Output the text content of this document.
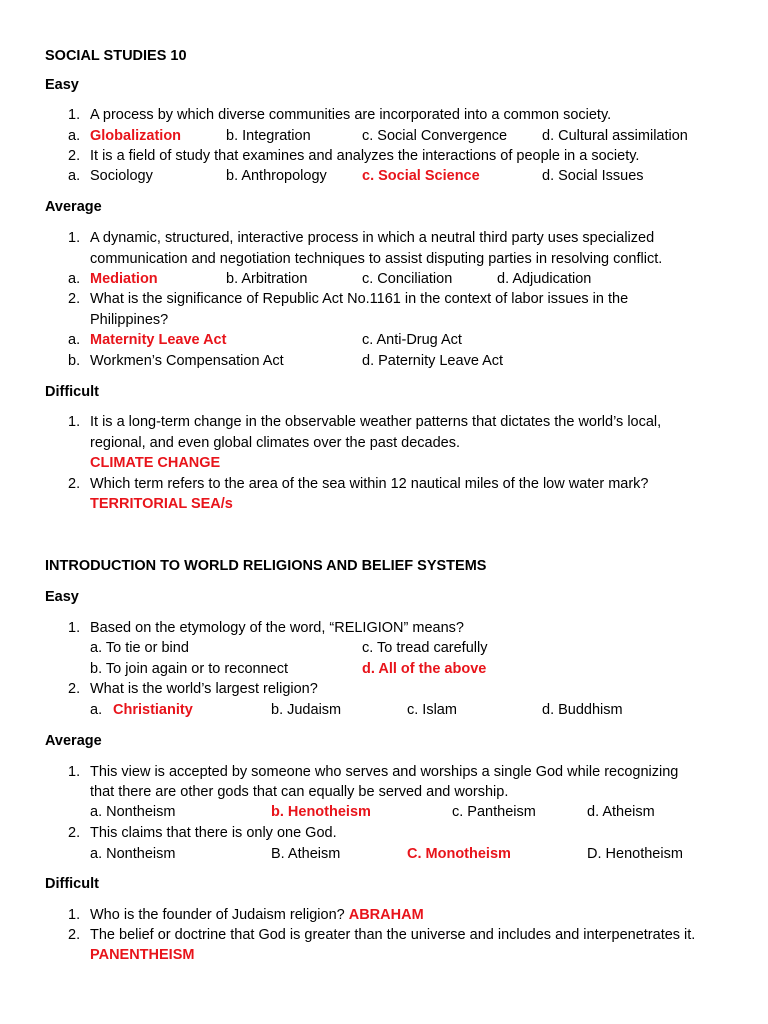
SOCIAL STUDIES 10
Easy
1. A process by which diverse communities are incorporated into a common society.
a. Globalization	b. Integration	c. Social Convergence d. Cultural assimilation
2. It is a field of study that examines and analyzes the interactions of people in a society.
a. Sociology	b. Anthropology c. Social Science	d. Social Issues
Average
1. A dynamic, structured, interactive process in which a neutral third party uses specialized
communication and negotiation techniques to assist disputing parties in resolving conflict.
a. Mediation	b. Arbitration	c. Conciliation	d. Adjudication
2. What is the significance of Republic Act No.1161 in the context of labor issues in the
Philippines?
a. Maternity Leave Act	c. Anti-Drug Act
b. Workmen’s Compensation Act	d. Paternity Leave Act
Difficult
1. It is a long-term change in the observable weather patterns that dictates the world’s local,
regional, and even global climates over the past decades.
CLIMATE CHANGE
2. Which term refers to the area of the sea within 12 nautical miles of the low water mark?
TERRITORIAL SEA/s
INTRODUCTION TO WORLD RELIGIONS AND BELIEF SYSTEMS
Easy
1. Based on the etymology of the word, “RELIGION” means?
a. To tie or bind	c. To tread carefully
b. To join again or to reconnect	d. All of the above
2. What is the world’s largest religion?
a. Christianity	b. Judaism	c. Islam	d. Buddhism
Average
1. This view is accepted by someone who serves and worships a single God while recognizing
that there are other gods that can equally be served and worship.
a. Nontheism	b. Henotheism	c. Pantheism	d. Atheism
2. This claims that there is only one God.
a. Nontheism	B. Atheism	C. Monotheism	D. Henotheism
Difficult
1. Who is the founder of Judaism religion? ABRAHAM
2. The belief or doctrine that God is greater than the universe and includes and interpenetrates it.
PANENTHEISM
